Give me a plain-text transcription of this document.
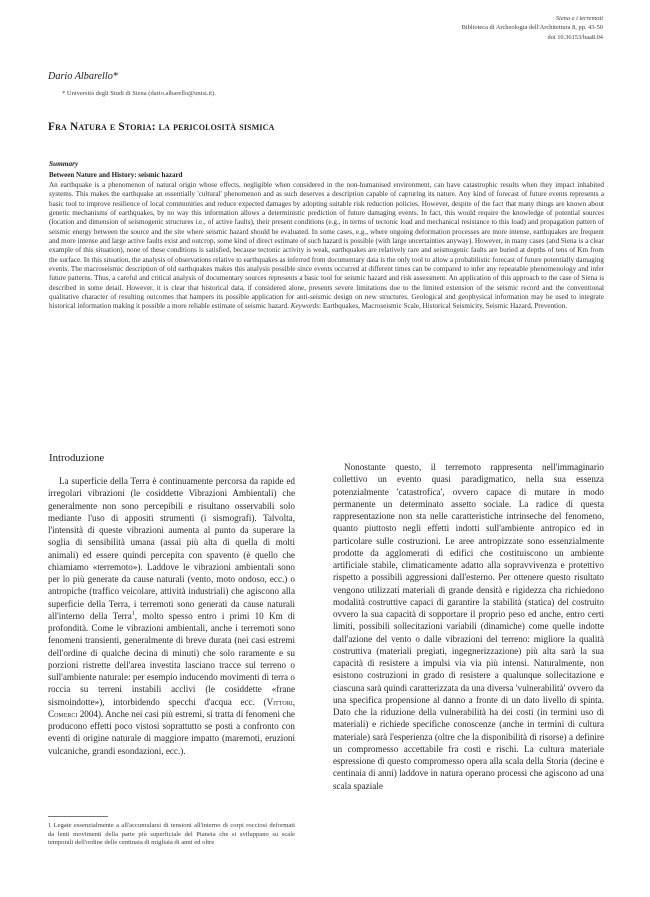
Siena e i terremoti
Biblioteca di Archeologia dell'Architettura 8, pp. 43-50
doi 10.36153/baa8.04
Dario Albarello*
* Università degli Studi di Siena (dario.albarello@unisi.it).
Fra Natura e Storia: la pericolosità sismica
Summary
Between Nature and History: seismic hazard
An earthquake is a phenomenon of natural origin whose effects, negligible when considered in the non-humanised environment, can have catastrophic results when they impact inhabited systems. This makes the earthquake an essentially 'cultural' phenomenon and as such deserves a description capable of capturing its nature. Any kind of forecast of future events represents a basic tool to improve resilience of local communities and reduce expected damages by adopting suitable risk reduction policies. However, despite of the fact that many things are known about genetic mechanisms of earthquakes, by no way this information allows a deterministic prediction of future damaging events. In fact, this would require the knowledge of potential sources (location and dimension of seismogenic structures i.e., of active faults), their present conditions (e.g., in terms of tectonic load and mechanical resistance to this load) and propagation pattern of seismic energy between the source and the site where seismic hazard should be evaluated. In some cases, e.g., where ongoing deformation processes are more intense, earthquakes are frequent and more intense and large active faults exist and outcrop, some kind of direct estimate of such hazard is possible (with large uncertainties anyway). However, in many cases (and Siena is a clear example of this situation), none of these conditions is satisfied, because tectonic activity is weak, earthquakes are relatively rare and seismogenic faults are buried at depths of tens of Km from the surface. In this situation, the analysis of observations relative to earthquakes as inferred from documentary data is the only tool to allow a probabilistic forecast of future potentially damaging events. The macroseismic description of old earthquakes makes this analysis possible since events occurred at different times can be compared to infer any repeatable phenomenology and infer future patterns. Thus, a careful and critical analysis of documentary sources represents a basic tool for seismic hazard and risk assessment. An application of this approach to the case of Siena is described in some detail. However, it is clear that historical data, if considered alone, presents severe limitations due to the limited extension of the seismic record and the conventional qualitative character of resulting outcomes that hampers its possible application for anti-seismic design on new structures. Geological and geophysical information may be used to integrate historical information making it possible a more reliable estimate of seismic hazard. Keywords: Earthquakes, Macroseismic Scale, Historical Seismicity, Seismic Hazard, Prevention.
Introduzione

La superficie della Terra è continuamente percorsa da rapide ed irregolari vibrazioni (le cosiddette Vibrazioni Ambientali) che generalmente non sono percepibili e risultano osservabili solo mediante l'uso di appositi strumenti (i sismografi). Talvolta, l'intensità di queste vibrazioni aumenta al punto da superare la soglia di sensibilità umana (assai più alta di quella di molti animali) ed essere quindi percepita con spavento (è quello che chiamiamo «terremoto»). Laddove le vibrazioni ambientali sono per lo più generate da cause naturali (vento, moto ondoso, ecc.) o antropiche (traffico veicolare, attività industriali) che agiscono alla superficie della Terra, i terremoti sono generati da cause naturali all'interno della Terra$^1$, molto spesso entro i primi 10 Km di profondità. Come le vibrazioni ambientali, anche i terremoti sono fenomeni transienti, generalmente di breve durata (nei casi estremi dell'ordine di qualche decina di minuti) che solo raramente e su porzioni ristrette dell'area investita lasciano tracce sul terreno o sull'ambiente naturale: per esempio inducendo movimenti di terra o roccia su terreni instabili acclivi (le cosiddette «frane sismoindotte»), intorbidendo specchi d'acqua ecc. (Vittori, Comerci 2004). Anche nei casi più estremi, si tratta di fenomeni che producono effetti poco vistosi soprattutto se posti a confronto con eventi di origine naturale di maggiore impatto (maremoti, eruzioni vulcaniche, grandi esondazioni, ecc.).

Nonostante questo, il terremoto rappresenta nell'immaginario collettivo un evento quasi paradigmatico, nella sua essenza potenzialmente 'catastrofica', ovvero capace di mutare in modo permanente un determinato assetto sociale. La radice di questa rappresentazione non sta nelle caratteristiche intrinseche del fenomeno, quanto piuttosto negli effetti indotti sull'ambiente antropico ed in particolare sulle costruzioni. Le aree antropizzate sono essenzialmente prodotte da agglomerati di edifici che costituiscono un ambiente artificiale stabile, climaticamente adatto alla sopravvivenza e protettivo rispetto a possibili aggressioni dall'esterno. Per ottenere questo risultato vengono utilizzati materiali di grande densità e rigidezza cha richiedono modalità costruttive capaci di garantire la stabilità (statica) del costruito ovvero la sua capacità di sopportare il proprio peso ed anche, entro certi limiti, possibili sollecitazioni variabili (dinamiche) come quelle indotte dall'azione del vento o dalle vibrazioni del terreno: migliore la qualità costruttiva (materiali pregiati, ingegnerizzazione) più alta sarà la sua capacità di resistere a impulsi via via più intensi. Naturalmente, non esistono costruzioni in grado di resistere a qualunque sollecitazione e ciascuna sarà quindi caratterizzata da una diversa 'vulnerabilità' ovvero da una specifica propensione al danno a fronte di un dato livello di spinta. Dato che la riduzione della vulnerabilità ha dei costi (in termini uso di materiali) e richiede specifiche conoscenze (anche in termini di cultura materiale) sarà l'esperienza (oltre che la disponibilità di risorse) a definire un compromesso accettabile fra costi e rischi. La cultura materiale espressione di questo compromesso opera alla scala della Storia (decine e centinaia di anni) laddove in natura operano processi che agiscono ad una scala spaziale

1 Legate essenzialmente a all'accumularsi di tensioni all'interno di corpi rocciosi deformati da lenti movimenti della parte più superficiale del Pianeta che si sviluppano su scale temporali dell'ordine delle centinaia di migliaia di anni ed oltre
